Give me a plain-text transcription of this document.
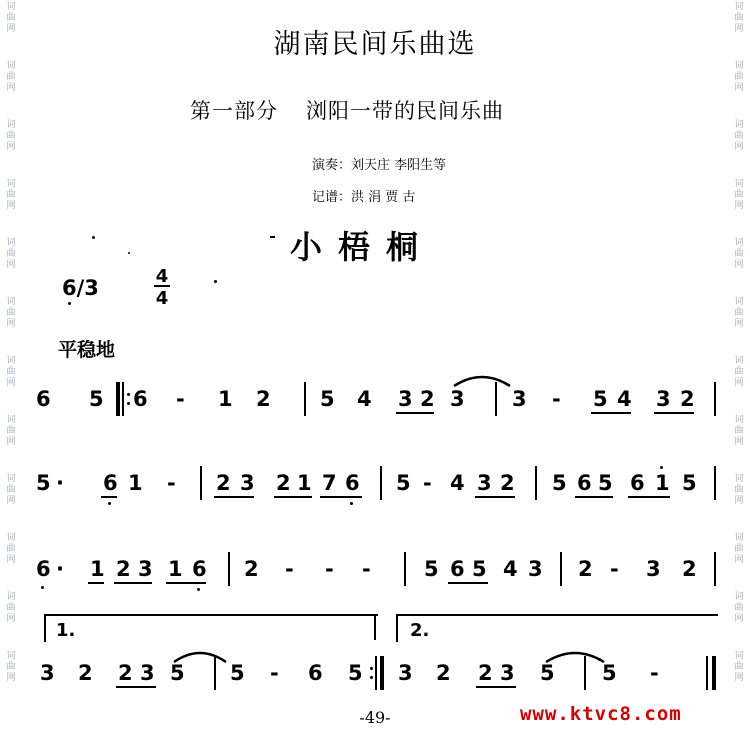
词
曲
网
词
曲
网
词
曲
网
词
曲
网
词
曲
网
词
曲
网
词
曲
网
词
曲
网
词
曲
网
词
曲
网
词
曲
网
词
曲
网
词
曲
网
词
曲
网
词
曲
网
词
曲
网
词
曲
网
词
曲
网
词
曲
网
词
曲
网
词
曲
网
词
曲
网
词
曲
网
词
曲
网
湖南民间乐曲选
第一部分 浏阳一带的民间乐曲
演奏：刘天庄 李阳生等
记谱：洪 涓 贾 古
小梧桐
6/3	4
4
平稳地
6 5 6 - 1 2 5 4 3 2 3 3 - 5 4 3 2
5 · 6 1 - 2 3 2 1 7 6 5 - 4 3 2 5 6 5 6 1 5
6 · 1 2 3 1 6 2 - - -	5 6 5 4 3 2 - 3 2
1.	2.
3 2 2 3 5 5 - 6 5 3 2 2 3 5 5 -
-49-	www.ktvc8.com
